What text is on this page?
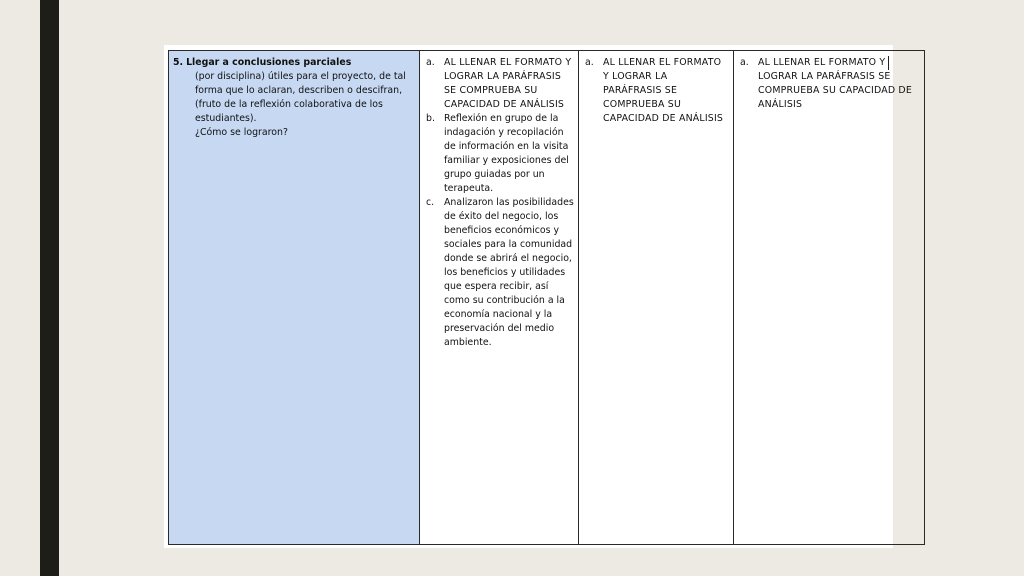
5. Llegar a conclusiones parciales
(por disciplina) útiles para el proyecto, de tal forma que lo aclaran, describen o descifran, (fruto de la reflexión colaborativa de los estudiantes).
¿Cómo se lograron?

a. AL LLENAR EL FORMATO Y LOGRAR LA PARÁFRASIS SE COMPRUEBA SU CAPACIDAD DE ANÁLISIS
b. Reflexión en grupo de la indagación y recopilación de información en la visita familiar y exposiciones del grupo guiadas por un terapeuta.
c. Analizaron las posibilidades de éxito del negocio, los beneficios económicos y sociales para la comunidad donde se abrirá el negocio, los beneficios y utilidades que espera recibir, así como su contribución a la economía nacional y la preservación del medio ambiente.

a. AL LLENAR EL FORMATO Y LOGRAR LA PARÁFRASIS SE COMPRUEBA SU CAPACIDAD DE ANÁLISIS

a. AL LLENAR EL FORMATO Y LOGRAR LA PARÁFRASIS SE COMPRUEBA SU CAPACIDAD DE ANÁLISIS
